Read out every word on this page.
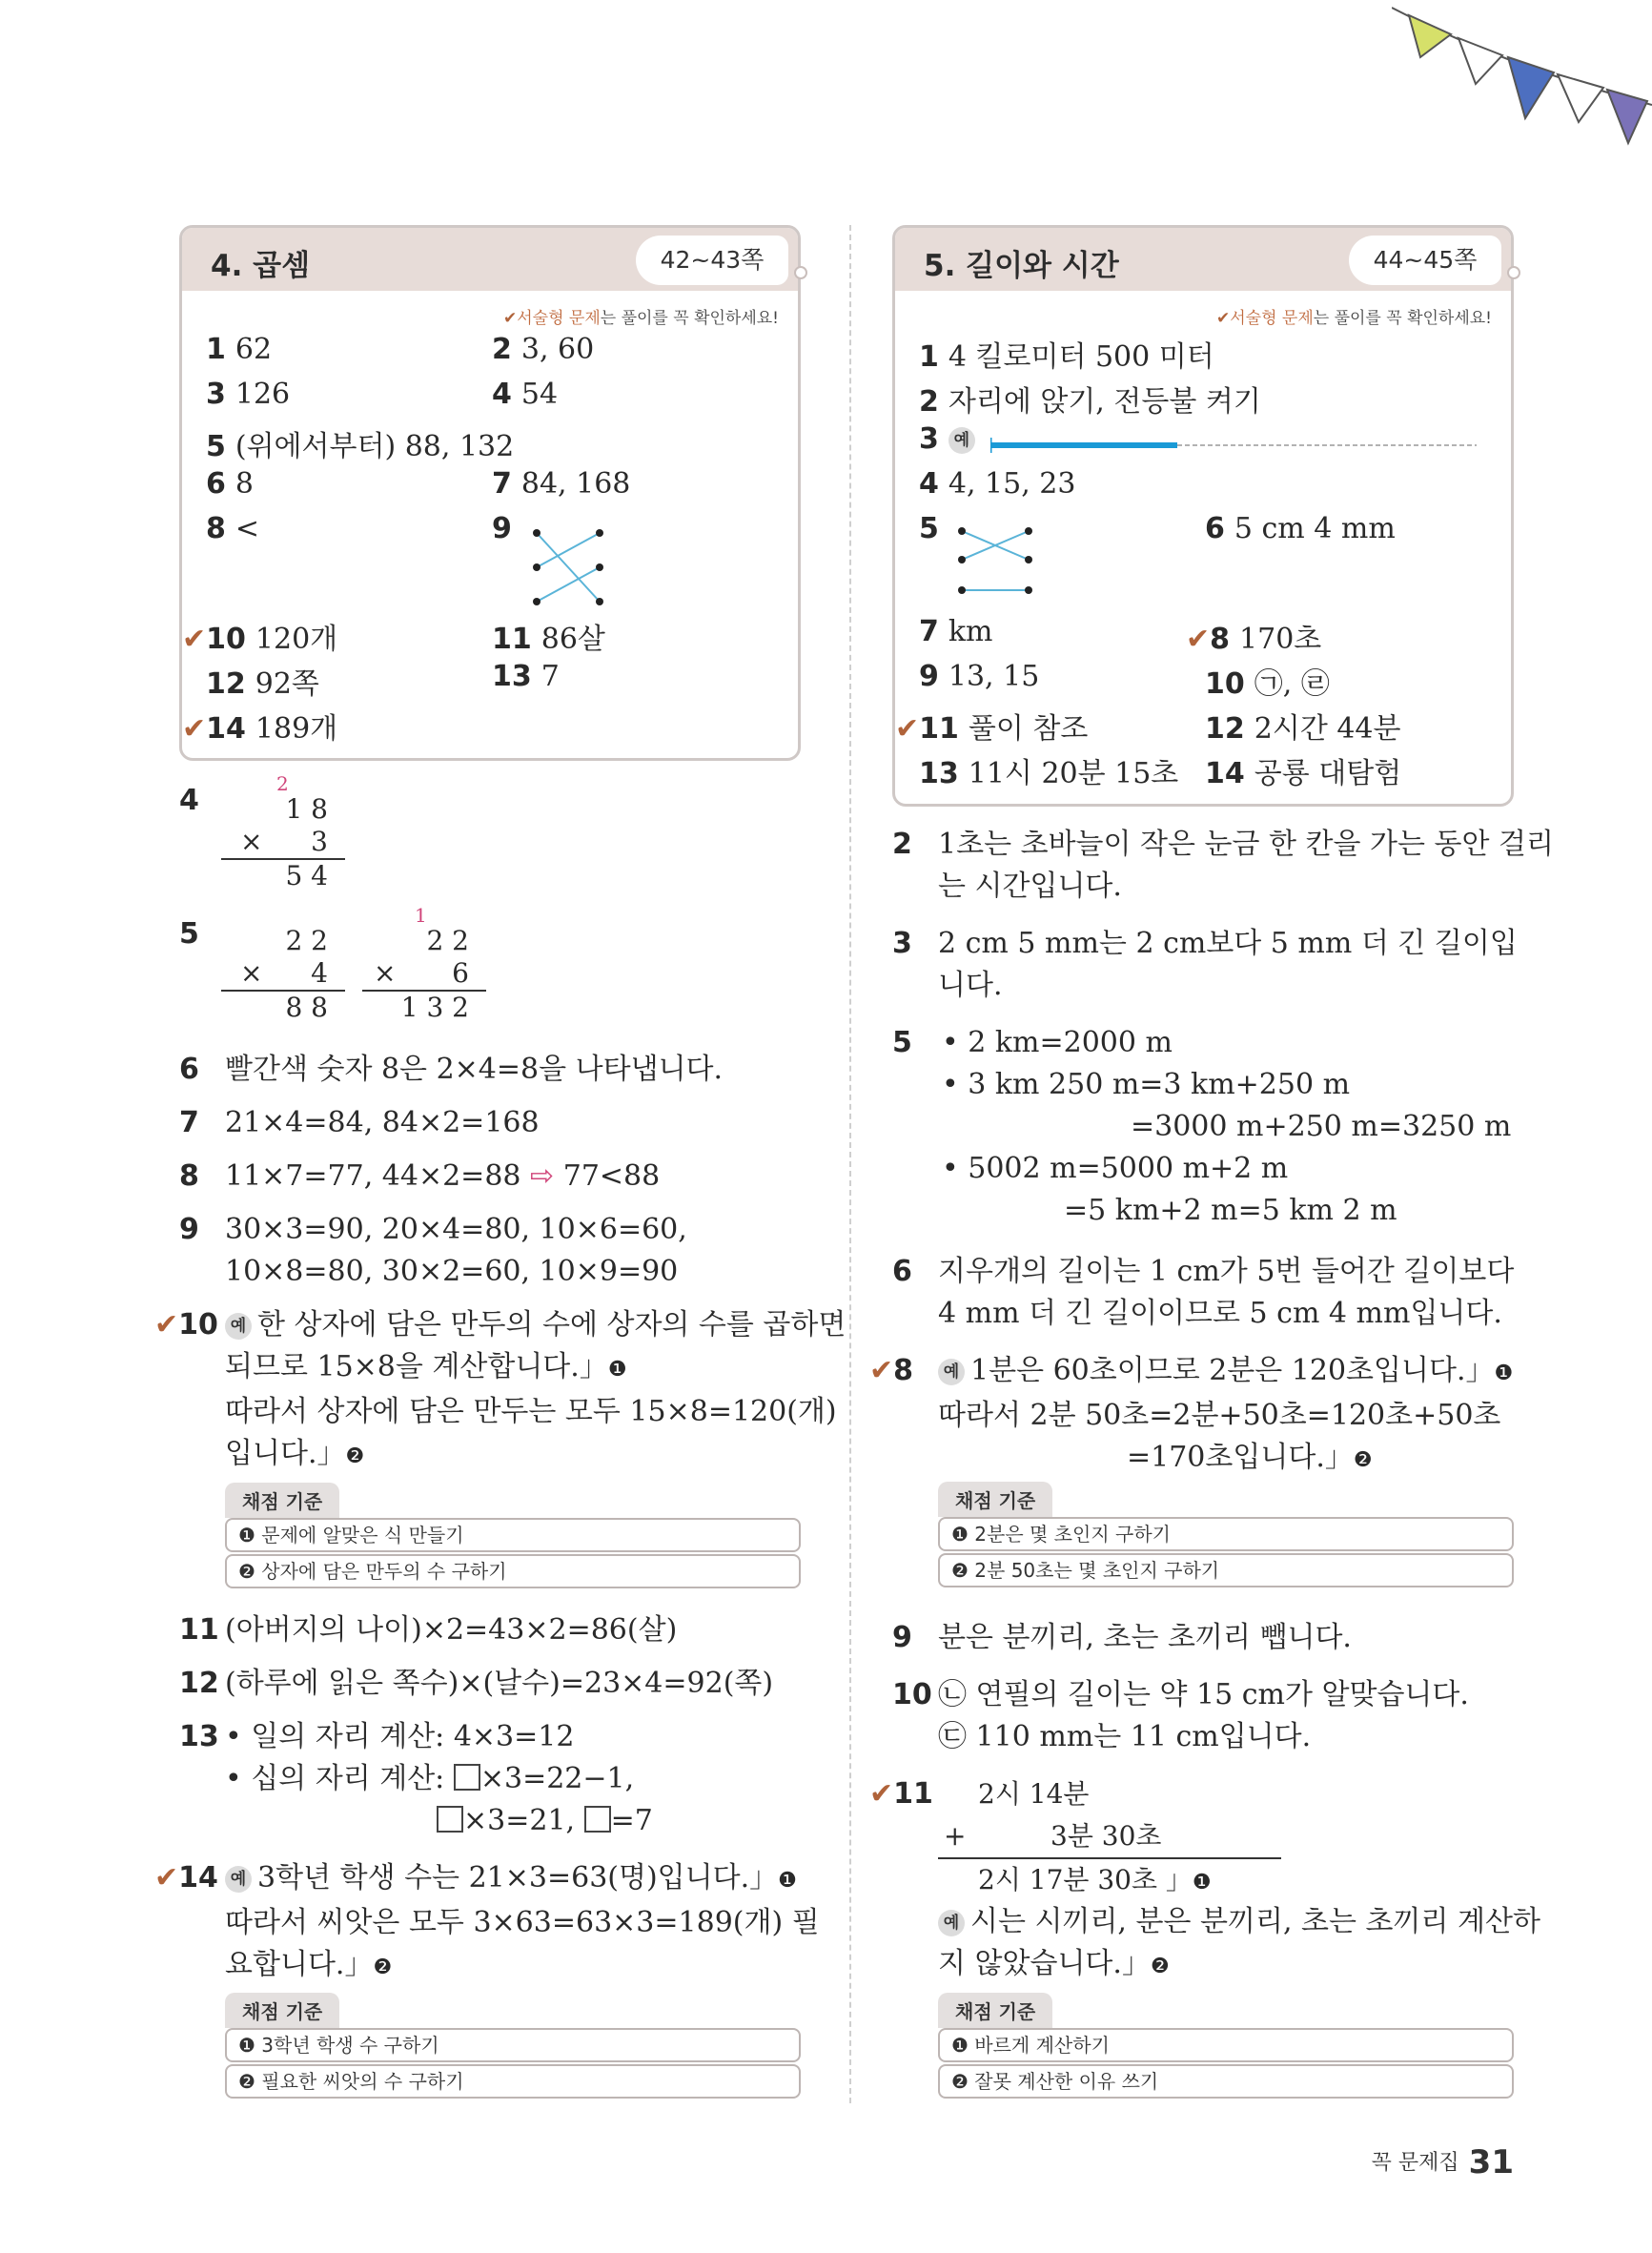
4. 곱셈	42~43쪽
✔서술형 문제는 풀이를 꼭 확인하세요!
1 62	2 3, 60
3 126	4 54
5 (위에서부터) 88, 132
6 8	7 84, 168
8 <	9
✔10 120개	11 86살
12 92쪽	13 7
✔14 189개
5. 길이와 시간	44~45쪽
✔서술형 문제는 풀이를 꼭 확인하세요!
1 4 킬로미터 500 미터
2 자리에 앉기, 전등불 켜기
3 예
4 4, 15, 23
5	6 5 cm 4 mm
7 km	✔8 170초
9 13, 15	10 ㉠, ㉣
✔11 풀이 참조	12 2시간 44분
13 11시 20분 15초 14 공룡 대탐험
4	2
1 8
× 3
5 4
5	2 2
× 4
8 8
1
2 2
× 6
1 3 2
6 빨간색 숫자 8은 2×4=8을 나타냅니다.
7 21×4=84, 84×2=168
8 11×7=77, 44×2=88 ⇨ 77<88
9 30×3=90, 20×4=80, 10×6=60,
10×8=80, 30×2=60, 10×9=90
✔10 예 한 상자에 담은 만두의 수에 상자의 수를 곱하면
되므로 15×8을 계산합니다.」❶
따라서 상자에 담은 만두는 모두 15×8=120(개)
입니다.」❷
채점 기준
❶ 문제에 알맞은 식 만들기
❷ 상자에 담은 만두의 수 구하기
11 (아버지의 나이)×2=43×2=86(살)
12 (하루에 읽은 쪽수)×(날수)=23×4=92(쪽)
13 • 일의 자리 계산: 4×3=12
• 십의 자리 계산: ×3=22−1,
×3=21, =7
✔14 예 3학년 학생 수는 21×3=63(명)입니다.」❶
따라서 씨앗은 모두 3×63=63×3=189(개) 필
요합니다.」❷
채점 기준
❶ 3학년 학생 수 구하기
❷ 필요한 씨앗의 수 구하기
2 1초는 초바늘이 작은 눈금 한 칸을 가는 동안 걸리
는 시간입니다.
3 2 cm 5 mm는 2 cm보다 5 mm 더 긴 길이입
니다.
5 • 2 km=2000 m
• 3 km 250 m=3 km+250 m
=3000 m+250 m=3250 m
• 5002 m=5000 m+2 m
=5 km+2 m=5 km 2 m
6 지우개의 길이는 1 cm가 5번 들어간 길이보다
4 mm 더 긴 길이이므로 5 cm 4 mm입니다.
✔8	예 1분은 60초이므로 2분은 120초입니다.」❶
따라서 2분 50초=2분+50초=120초+50초
=170초입니다.」❷
채점 기준
❶ 2분은 몇 초인지 구하기
❷ 2분 50초는 몇 초인지 구하기
9 분은 분끼리, 초는 초끼리 뺍니다.
10 ㉡ 연필의 길이는 약 15 cm가 알맞습니다.
㉢ 110 mm는 11 cm입니다.
✔11	2시 14분
+	3분 30초
2시 17분 30초 」❶
예 시는 시끼리, 분은 분끼리, 초는 초끼리 계산하
지 않았습니다.」❷
채점 기준
❶ 바르게 계산하기
❷ 잘못 계산한 이유 쓰기
꼭 문제집 31
